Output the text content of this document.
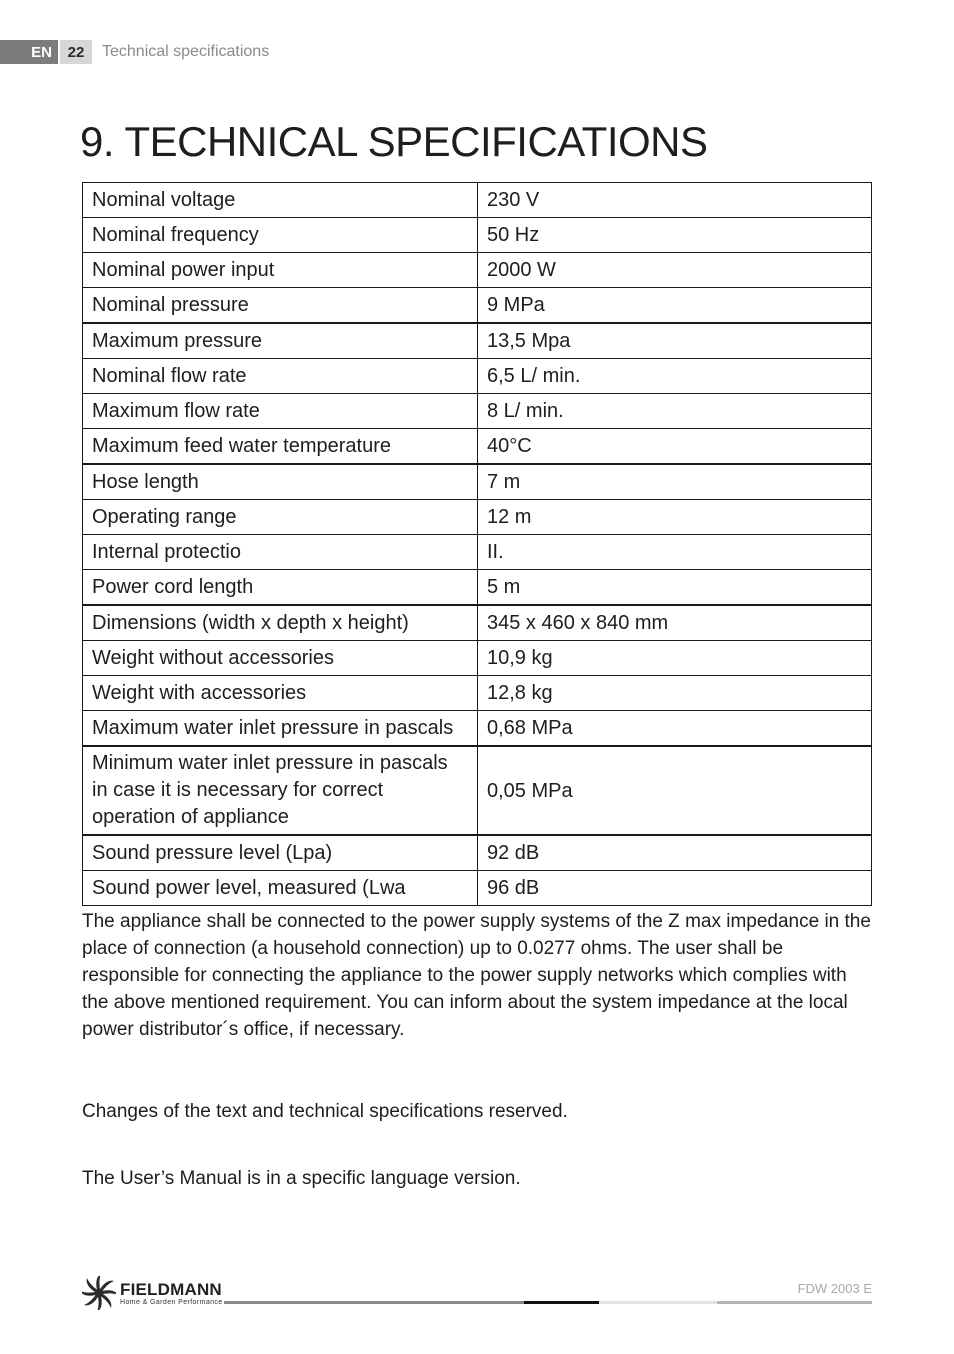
EN	22	Technical specifications
9. TECHNICAL SPECIFICATIONS
Nominal voltage	230 V
Nominal frequency	50 Hz
Nominal power input	2000 W
Nominal pressure	9 MPa
Maximum pressure	13,5 Mpa
Nominal flow rate	6,5 L/ min.
Maximum flow rate	8 L/ min.
Maximum feed water temperature	40°C
Hose length	7 m
Operating range	12 m
Internal protectio	II.
Power cord length	5 m
Dimensions (width x depth x height)	345 x 460 x 840 mm
Weight without accessories	10,9 kg
Weight with accessories	12,8 kg
Maximum water inlet pressure in pascals	0,68 MPa
Minimum water inlet pressure in pascals in case it is necessary for correct operation of appliance	0,05 MPa
Sound pressure level (Lpa)	92 dB
Sound power level, measured (Lwa	96 dB

The appliance shall be connected to the power supply systems of the Z max impedance in the place of connection (a household connection) up to 0.0277 ohms. The user shall be responsible for connecting the appliance to the power supply networks which complies with the above mentioned requirement. You can inform about the system impedance at the local power distributor´s office, if necessary.

Changes of the text and technical specifications reserved.

The User’s Manual is in a specific language version.

FIELDMANN
Home & Garden Performance
FDW 2003 E
